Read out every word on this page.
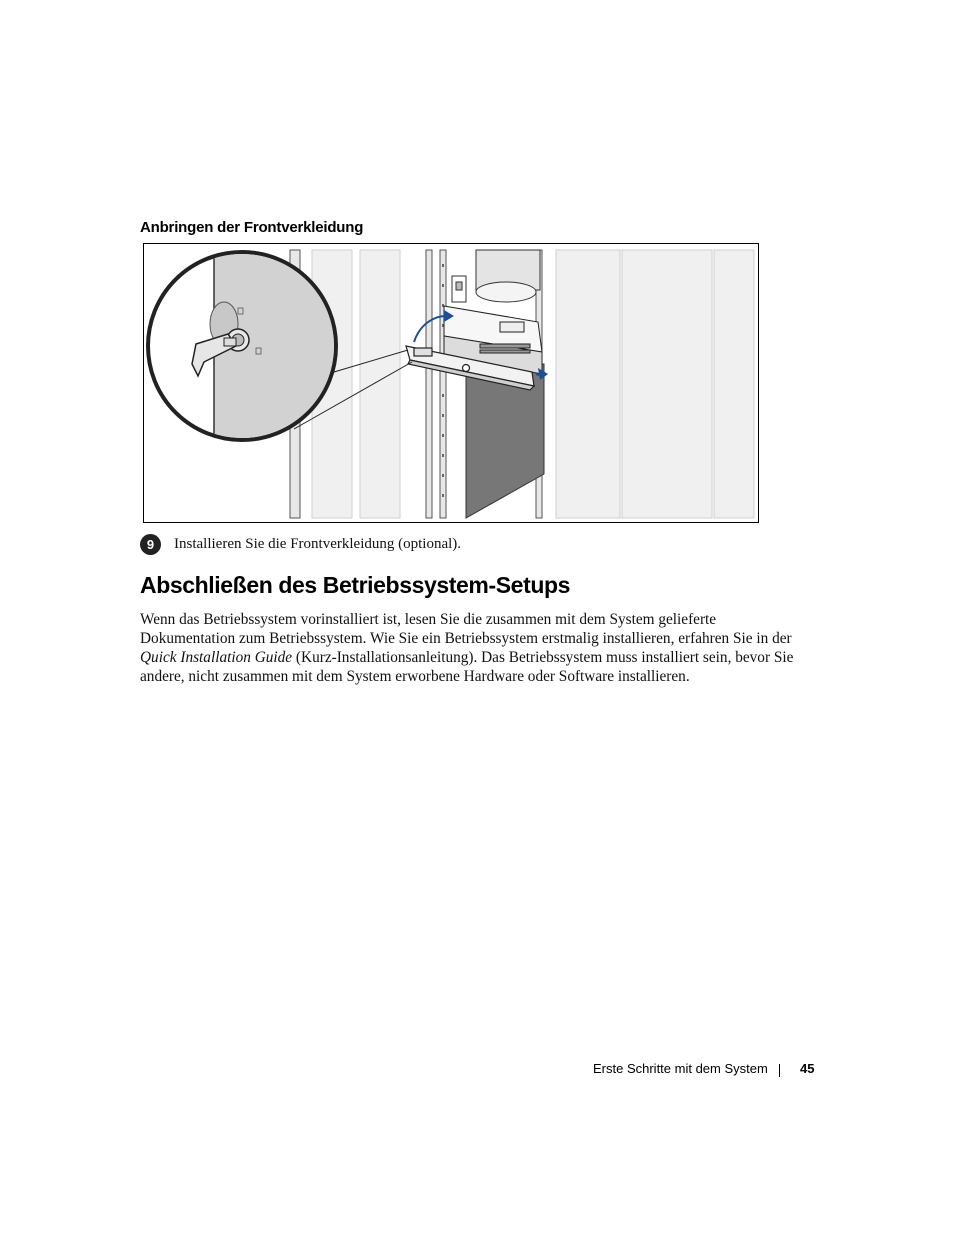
Anbringen der Frontverkleidung
9	Installieren Sie die Frontverkleidung (optional).
Abschließen des Betriebssystem-Setups

Wenn das Betriebssystem vorinstalliert ist, lesen Sie die zusammen mit dem System gelieferte Dokumentation zum Betriebssystem. Wie Sie ein Betriebssystem erstmalig installieren, erfahren Sie in der Quick Installation Guide (Kurz-Installationsanleitung). Das Betriebssystem muss installiert sein, bevor Sie andere, nicht zusammen mit dem System erworbene Hardware oder Software installieren.

Erste Schritte mit dem System 45
